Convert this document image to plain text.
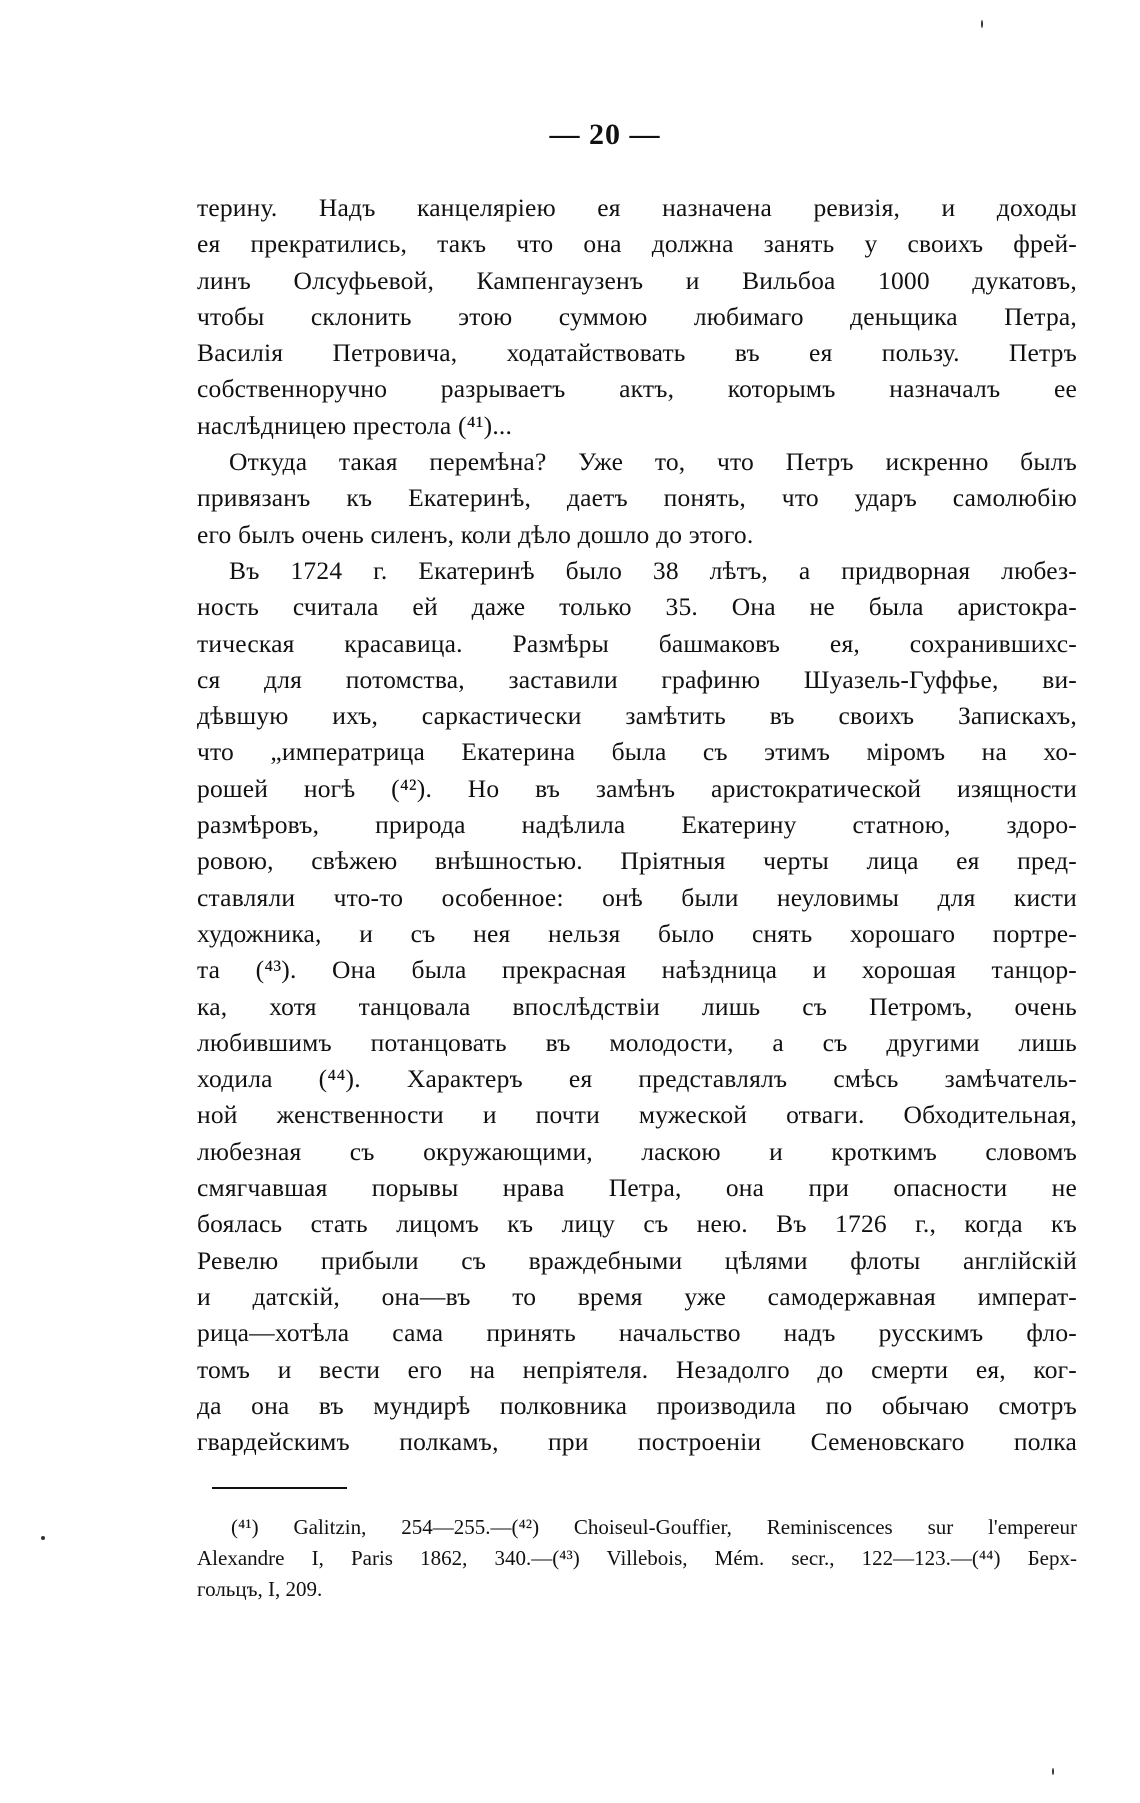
— 20 —
терину. Надъ канцеляріею ея назначена ревизія, и доходы
ея прекратились, такъ что она должна занять у своихъ фрей-
линъ Олсуфьевой, Кампенгаузенъ и Вильбоа 1000 дукатовъ,
чтобы склонить этою суммою любимаго деньщика Петра,
Василія Петровича, ходатайствовать въ ея пользу. Петръ
собственноручно разрываетъ актъ, которымъ назначалъ ее
наслѣдницею престола (⁴¹)...
Откуда такая перемѣна? Уже то, что Петръ искренно былъ
привязанъ къ Екатеринѣ, даетъ понять, что ударъ самолюбію
его былъ очень силенъ, коли дѣло дошло до этого.
Въ 1724 г. Екатеринѣ было 38 лѣтъ, а придворная любез-
ность считала ей даже только 35. Она не была аристокра-
тическая красавица. Размѣры башмаковъ ея, сохранившихс-
ся для потомства, заставили графиню Шуазель-Гуффье, ви-
дѣвшую ихъ, саркастически замѣтить въ своихъ Запискахъ,
что „императрица Екатерина была съ этимъ міромъ на хо-
рошей ногѣ (⁴²). Но въ замѣнъ аристократической изящности
размѣровъ, природа надѣлила Екатерину статною, здоро-
ровою, свѣжею внѣшностью. Пріятныя черты лица ея пред-
ставляли что-то особенное: онѣ были неуловимы для кисти
художника, и съ нея нельзя было снять хорошаго портре-
та (⁴³). Она была прекрасная наѣздница и хорошая танцор-
ка, хотя танцовала впослѣдствіи лишь съ Петромъ, очень
любившимъ потанцовать въ молодости, а съ другими лишь
ходила (⁴⁴). Характеръ ея представлялъ смѣсь замѣчатель-
ной женственности и почти мужеской отваги. Обходительная,
любезная съ окружающими, ласкою и кроткимъ словомъ
смягчавшая порывы нрава Петра, она при опасности не
боялась стать лицомъ къ лицу съ нею. Въ 1726 г., когда къ
Ревелю прибыли съ враждебными цѣлями флоты англійскій
и датскій, она—въ то время уже самодержавная императ-
рица—хотѣла сама принять начальство надъ русскимъ фло-
томъ и вести его на непріятеля. Незадолго до смерти ея, ког-
да она въ мундирѣ полковника производила по обычаю смотръ
гвардейскимъ полкамъ, при построеніи Семеновскаго полка
(⁴¹) Galitzin, 254—255.—(⁴²) Choiseul-Gouffier, Reminiscences sur l'empereur
Alexandre I, Paris 1862, 340.—(⁴³) Villebois, Mém. secr., 122—123.—(⁴⁴) Берх-
гольцъ, I, 209.
